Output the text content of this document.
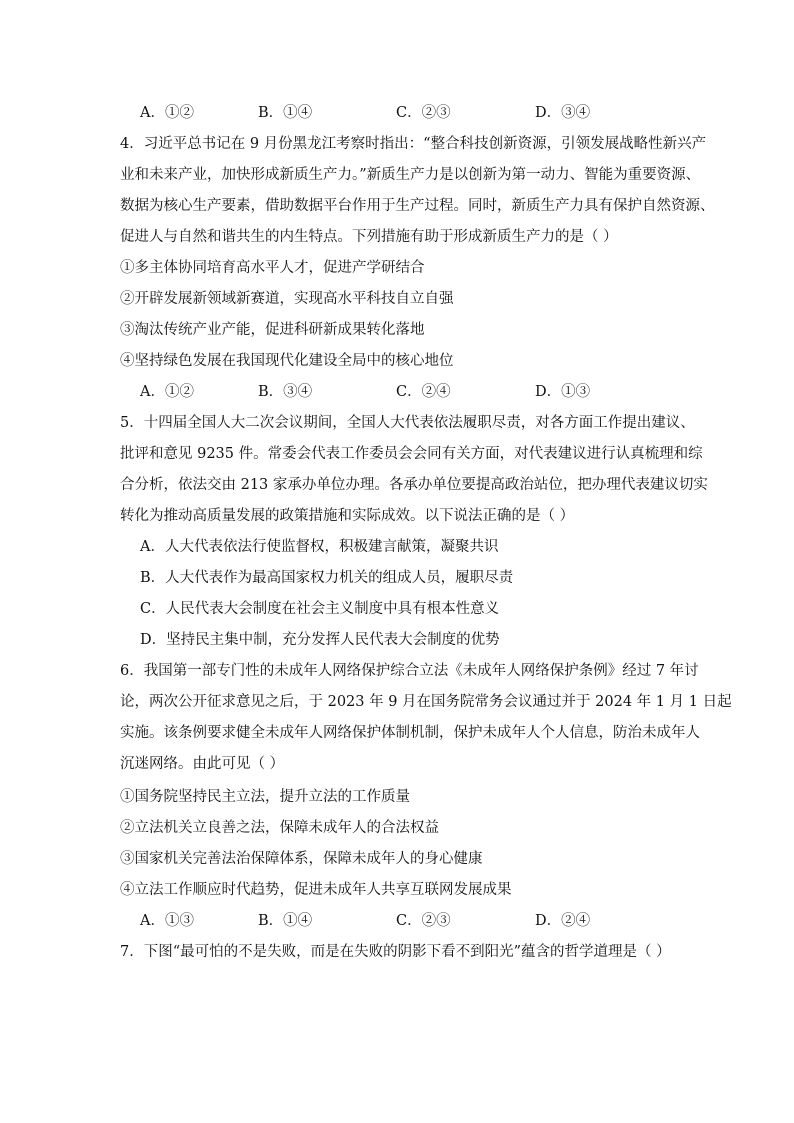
A．①②	B．①④	C．②③	D．③④
4．习近平总书记在 9 月份黑龙江考察时指出：“整合科技创新资源，引领发展战略性新兴产
业和未来产业，加快形成新质生产力。”新质生产力是以创新为第一动力、智能为重要资源、
数据为核心生产要素，借助数据平台作用于生产过程。同时，新质生产力具有保护自然资源、
促进人与自然和谐共生的内生特点。下列措施有助于形成新质生产力的是（ ）
①多主体协同培育高水平人才，促进产学研结合
②开辟发展新领域新赛道，实现高水平科技自立自强
③淘汰传统产业产能，促进科研新成果转化落地
④坚持绿色发展在我国现代化建设全局中的核心地位
A．①②	B．③④	C．②④	D．①③
5．十四届全国人大二次会议期间，全国人大代表依法履职尽责，对各方面工作提出建议、
批评和意见 9235 件。常委会代表工作委员会会同有关方面，对代表建议进行认真梳理和综
合分析，依法交由 213 家承办单位办理。各承办单位要提高政治站位，把办理代表建议切实
转化为推动高质量发展的政策措施和实际成效。以下说法正确的是（ ）
A．人大代表依法行使监督权，积极建言献策，凝聚共识
B．人大代表作为最高国家权力机关的组成人员，履职尽责
C．人民代表大会制度在社会主义制度中具有根本性意义
D．坚持民主集中制，充分发挥人民代表大会制度的优势
6．我国第一部专门性的未成年人网络保护综合立法《未成年人网络保护条例》经过 7 年讨
论，两次公开征求意见之后，于 2023 年 9 月在国务院常务会议通过并于 2024 年 1 月 1 日起
实施。该条例要求健全未成年人网络保护体制机制，保护未成年人个人信息，防治未成年人
沉迷网络。由此可见（ ）
①国务院坚持民主立法，提升立法的工作质量
②立法机关立良善之法，保障未成年人的合法权益
③国家机关完善法治保障体系，保障未成年人的身心健康
④立法工作顺应时代趋势，促进未成年人共享互联网发展成果
A．①③	B．①④	C．②③	D．②④
7．下图“最可怕的不是失败，而是在失败的阴影下看不到阳光”蕴含的哲学道理是（ ）
